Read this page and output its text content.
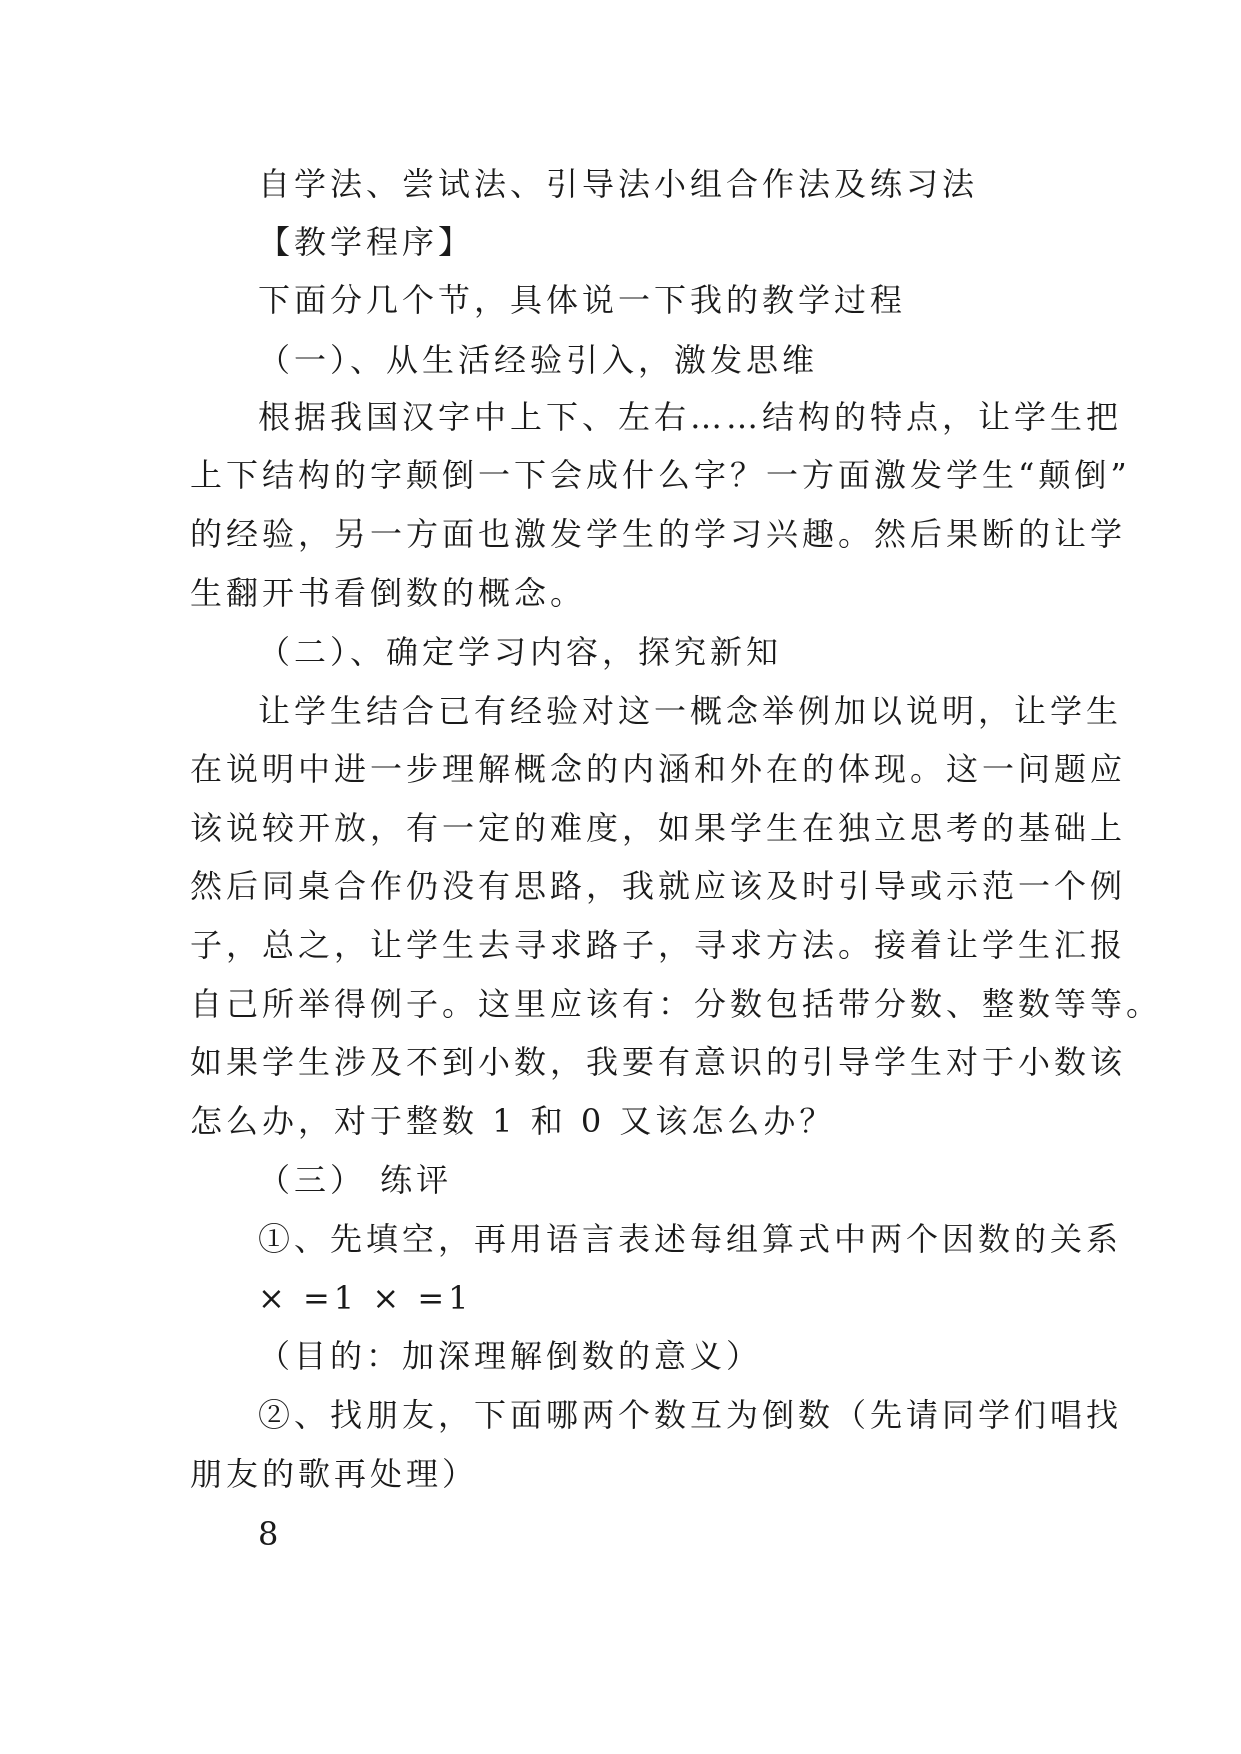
自学法、尝试法、引导法小组合作法及练习法
【教学程序】
下面分几个节，具体说一下我的教学过程
（一）、从生活经验引入，激发思维
根据我国汉字中上下、左右……结构的特点，让学生把
上下结构的字颠倒一下会成什么字？一方面激发学生“颠倒”
的经验，另一方面也激发学生的学习兴趣。然后果断的让学
生翻开书看倒数的概念。
（二）、确定学习内容，探究新知
让学生结合已有经验对这一概念举例加以说明，让学生
在说明中进一步理解概念的内涵和外在的体现。这一问题应
该说较开放，有一定的难度，如果学生在独立思考的基础上
然后同桌合作仍没有思路，我就应该及时引导或示范一个例
子，总之，让学生去寻求路子，寻求方法。接着让学生汇报
自己所举得例子。这里应该有：分数包括带分数、整数等等。
如果学生涉及不到小数，我要有意识的引导学生对于小数该
怎么办，对于整数 1 和 0 又该怎么办？
（三） 练评
①、先填空，再用语言表述每组算式中两个因数的关系
× =1 × =1
（目的：加深理解倒数的意义）
②、找朋友，下面哪两个数互为倒数（先请同学们唱找
朋友的歌再处理）
8
